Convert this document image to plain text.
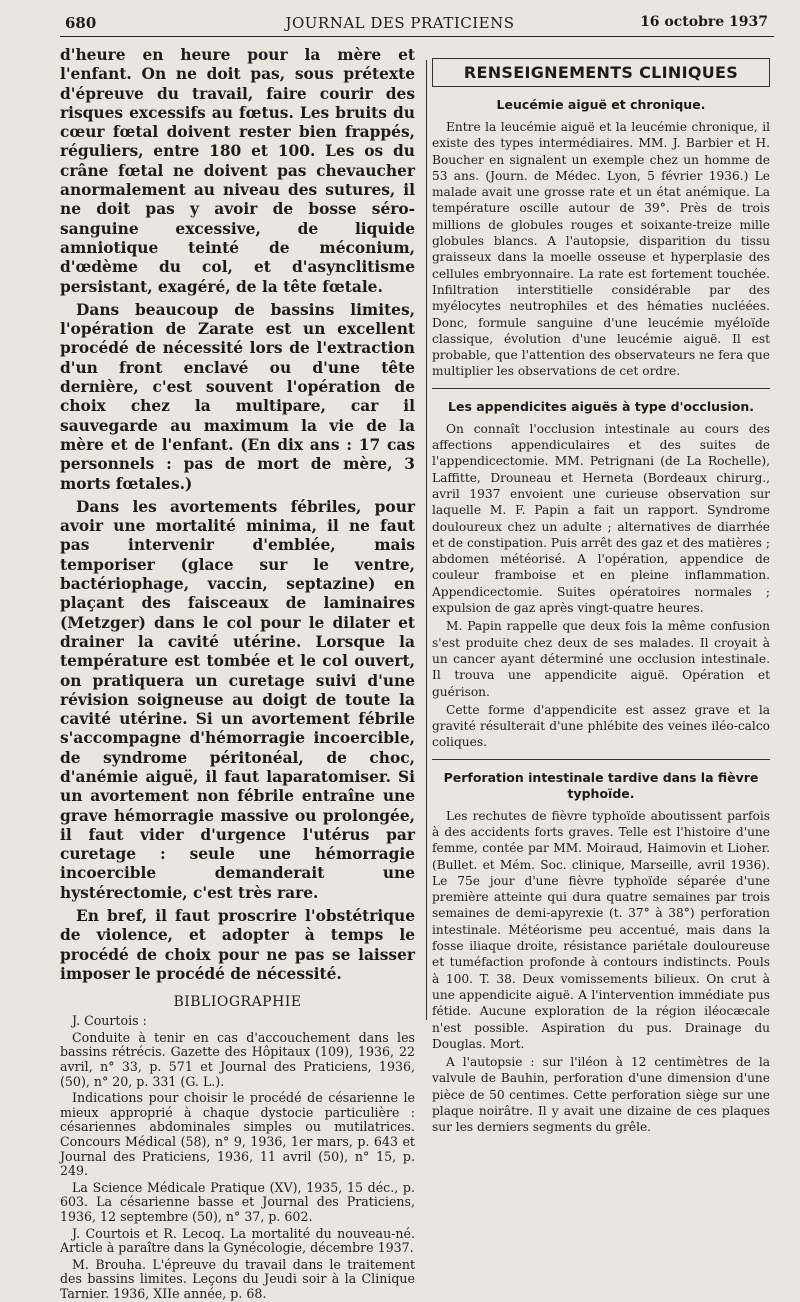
680	JOURNAL DES PRATICIENS	16 octobre 1937

d'heure en heure pour la mère et l'enfant. On ne doit pas, sous prétexte d'épreuve du travail, faire courir des risques excessifs au fœtus. Les bruits du cœur fœtal doivent rester bien frappés, réguliers, entre 180 et 100. Les os du crâne fœtal ne doivent pas chevaucher anormalement au niveau des sutures, il ne doit pas y avoir de bosse séro-sanguine excessive, de liquide amniotique teinté de méconium, d'œdème du col, et d'asynclitisme persistant, exagéré, de la tête fœtale.

Dans beaucoup de bassins limites, l'opération de Zarate est un excellent procédé de nécessité lors de l'extraction d'un front enclavé ou d'une tête dernière, c'est souvent l'opération de choix chez la multipare, car il sauvegarde au maximum la vie de la mère et de l'enfant. (En dix ans : 17 cas personnels : pas de mort de mère, 3 morts fœtales.)

Dans les avortements fébriles, pour avoir une mortalité minima, il ne faut pas intervenir d'emblée, mais temporiser (glace sur le ventre, bactériophage, vaccin, septazine) en plaçant des faisceaux de laminaires (Metzger) dans le col pour le dilater et drainer la cavité utérine. Lorsque la température est tombée et le col ouvert, on pratiquera un curetage suivi d'une révision soigneuse au doigt de toute la cavité utérine. Si un avortement fébrile s'accompagne d'hémorragie incoercible, de syndrome péritonéal, de choc, d'anémie aiguë, il faut laparatomiser. Si un avortement non fébrile entraîne une grave hémorragie massive ou prolongée, il faut vider d'urgence l'utérus par curetage : seule une hémorragie incoercible demanderait une hystérectomie, c'est très rare.

En bref, il faut proscrire l'obstétrique de violence, et adopter à temps le procédé de choix pour ne pas se laisser imposer le procédé de nécessité.

BIBLIOGRAPHIE

J. Courtois :

Conduite à tenir en cas d'accouchement dans les bassins rétrécis. Gazette des Hôpitaux (109), 1936, 22 avril, n° 33, p. 571 et Journal des Praticiens, 1936, (50), n° 20, p. 331 (G. L.).

Indications pour choisir le procédé de césarienne le mieux approprié à chaque dystocie particulière : césariennes abdominales simples ou mutilatrices. Concours Médical (58), n° 9, 1936, 1er mars, p. 643 et Journal des Praticiens, 1936, 11 avril (50), n° 15, p. 249.

La Science Médicale Pratique (XV), 1935, 15 déc., p. 603. La césarienne basse et Journal des Praticiens, 1936, 12 septembre (50), n° 37, p. 602.

J. Courtois et R. Lecoq. La mortalité du nouveau-né. Article à paraître dans la Gynécologie, décembre 1937.

M. Brouha. L'épreuve du travail dans le traitement des bassins limites. Leçons du Jeudi soir à la Clinique Tarnier. 1936, XIIe année, p. 68.

RENSEIGNEMENTS CLINIQUES
Leucémie aiguë et chronique.

Entre la leucémie aiguë et la leucémie chronique, il existe des types intermédiaires. MM. J. Barbier et H. Boucher en signalent un exemple chez un homme de 53 ans. (Journ. de Médec. Lyon, 5 février 1936.) Le malade avait une grosse rate et un état anémique. La température oscille autour de 39°. Près de trois millions de globules rouges et soixante-treize mille globules blancs. A l'autopsie, disparition du tissu graisseux dans la moelle osseuse et hyperplasie des cellules embryonnaire. La rate est fortement touchée. Infiltration interstitielle considérable par des myélocytes neutrophiles et des hématies nucléées. Donc, formule sanguine d'une leucémie myéloïde classique, évolution d'une leucémie aiguë. Il est probable, que l'attention des observateurs ne fera que multiplier les observations de cet ordre.

Les appendicites aiguës à type d'occlusion.

On connaît l'occlusion intestinale au cours des affections appendiculaires et des suites de l'appendicectomie. MM. Petrignani (de La Rochelle), Laffitte, Drouneau et Herneta (Bordeaux chirurg., avril 1937 envoient une curieuse observation sur laquelle M. F. Papin a fait un rapport. Syndrome douloureux chez un adulte ; alternatives de diarrhée et de constipation. Puis arrêt des gaz et des matières ; abdomen météorisé. A l'opération, appendice de couleur framboise et en pleine inflammation. Appendicectomie. Suites opératoires normales ; expulsion de gaz après vingt-quatre heures.

M. Papin rappelle que deux fois la même confusion s'est produite chez deux de ses malades. Il croyait à un cancer ayant déterminé une occlusion intestinale. Il trouva une appendicite aiguë. Opération et guérison.

Cette forme d'appendicite est assez grave et la gravité résulterait d'une phlébite des veines iléo-calco coliques.

Perforation intestinale tardive dans la fièvre typhoïde.

Les rechutes de fièvre typhoïde aboutissent parfois à des accidents forts graves. Telle est l'histoire d'une femme, contée par MM. Moiraud, Haimovin et Lioher. (Bullet. et Mém. Soc. clinique, Marseille, avril 1936). Le 75e jour d'une fièvre typhoïde séparée d'une première atteinte qui dura quatre semaines par trois semaines de demi-apyrexie (t. 37° à 38°) perforation intestinale. Météorisme peu accentué, mais dans la fosse iliaque droite, résistance pariétale douloureuse et tuméfaction profonde à contours indistincts. Pouls à 100. T. 38. Deux vomissements bilieux. On crut à une appendicite aiguë. A l'intervention immédiate pus fétide. Aucune exploration de la région iléocæcale n'est possible. Aspiration du pus. Drainage du Douglas. Mort.

A l'autopsie : sur l'iléon à 12 centimètres de la valvule de Bauhin, perforation d'une dimension d'une pièce de 50 centimes. Cette perforation siège sur une plaque noirâtre. Il y avait une dizaine de ces plaques sur les derniers segments du grêle.
